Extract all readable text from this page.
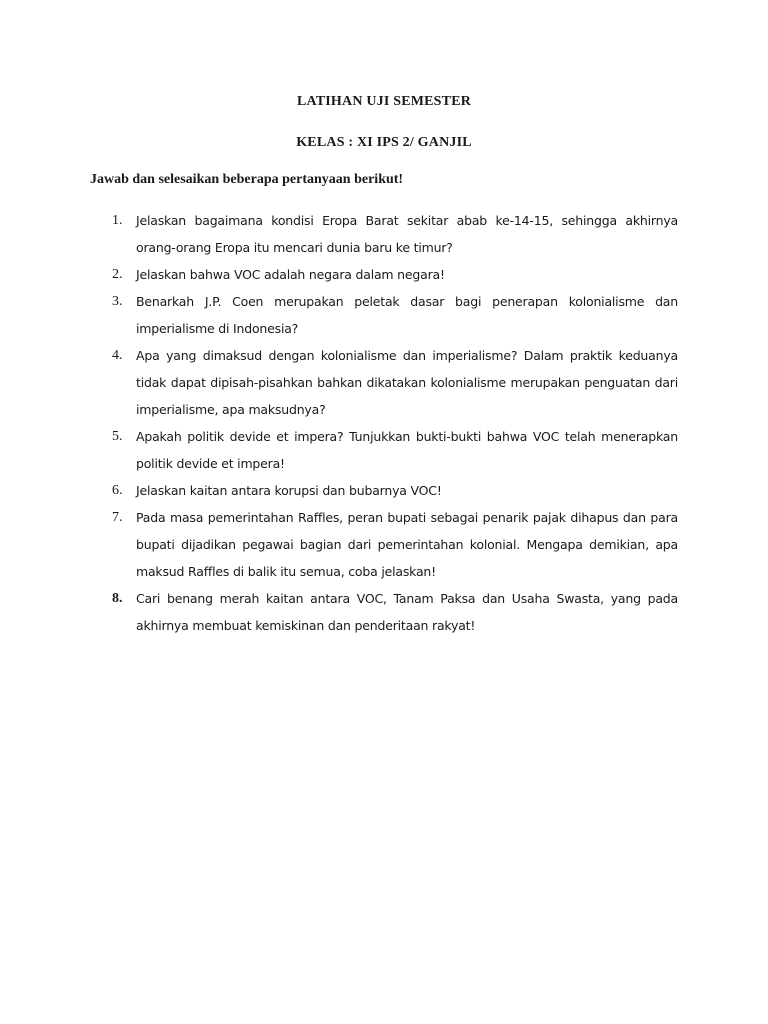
LATIHAN UJI SEMESTER
KELAS : XI IPS 2/ GANJIL
Jawab dan selesaikan beberapa pertanyaan berikut!
1.	Jelaskan bagaimana kondisi Eropa Barat sekitar abab ke-14-15, sehingga akhirnya orang-orang Eropa itu mencari dunia baru ke timur?
2.	Jelaskan bahwa VOC adalah negara dalam negara!
3.	Benarkah J.P. Coen merupakan peletak dasar bagi penerapan kolonialisme dan imperialisme di Indonesia?
4.	Apa yang dimaksud dengan kolonialisme dan imperialisme? Dalam praktik keduanya tidak dapat dipisah-pisahkan bahkan dikatakan kolonialisme merupakan penguatan dari imperialisme, apa maksudnya?
5.	Apakah politik devide et impera? Tunjukkan bukti-bukti bahwa VOC telah menerapkan politik devide et impera!
6.	Jelaskan kaitan antara korupsi dan bubarnya VOC!
7.	Pada masa pemerintahan Raffles, peran bupati sebagai penarik pajak dihapus dan para bupati dijadikan pegawai bagian dari pemerintahan kolonial. Mengapa demikian, apa maksud Raffles di balik itu semua, coba jelaskan!
8.	Cari benang merah kaitan antara VOC, Tanam Paksa dan Usaha Swasta, yang pada akhirnya membuat kemiskinan dan penderitaan rakyat!
